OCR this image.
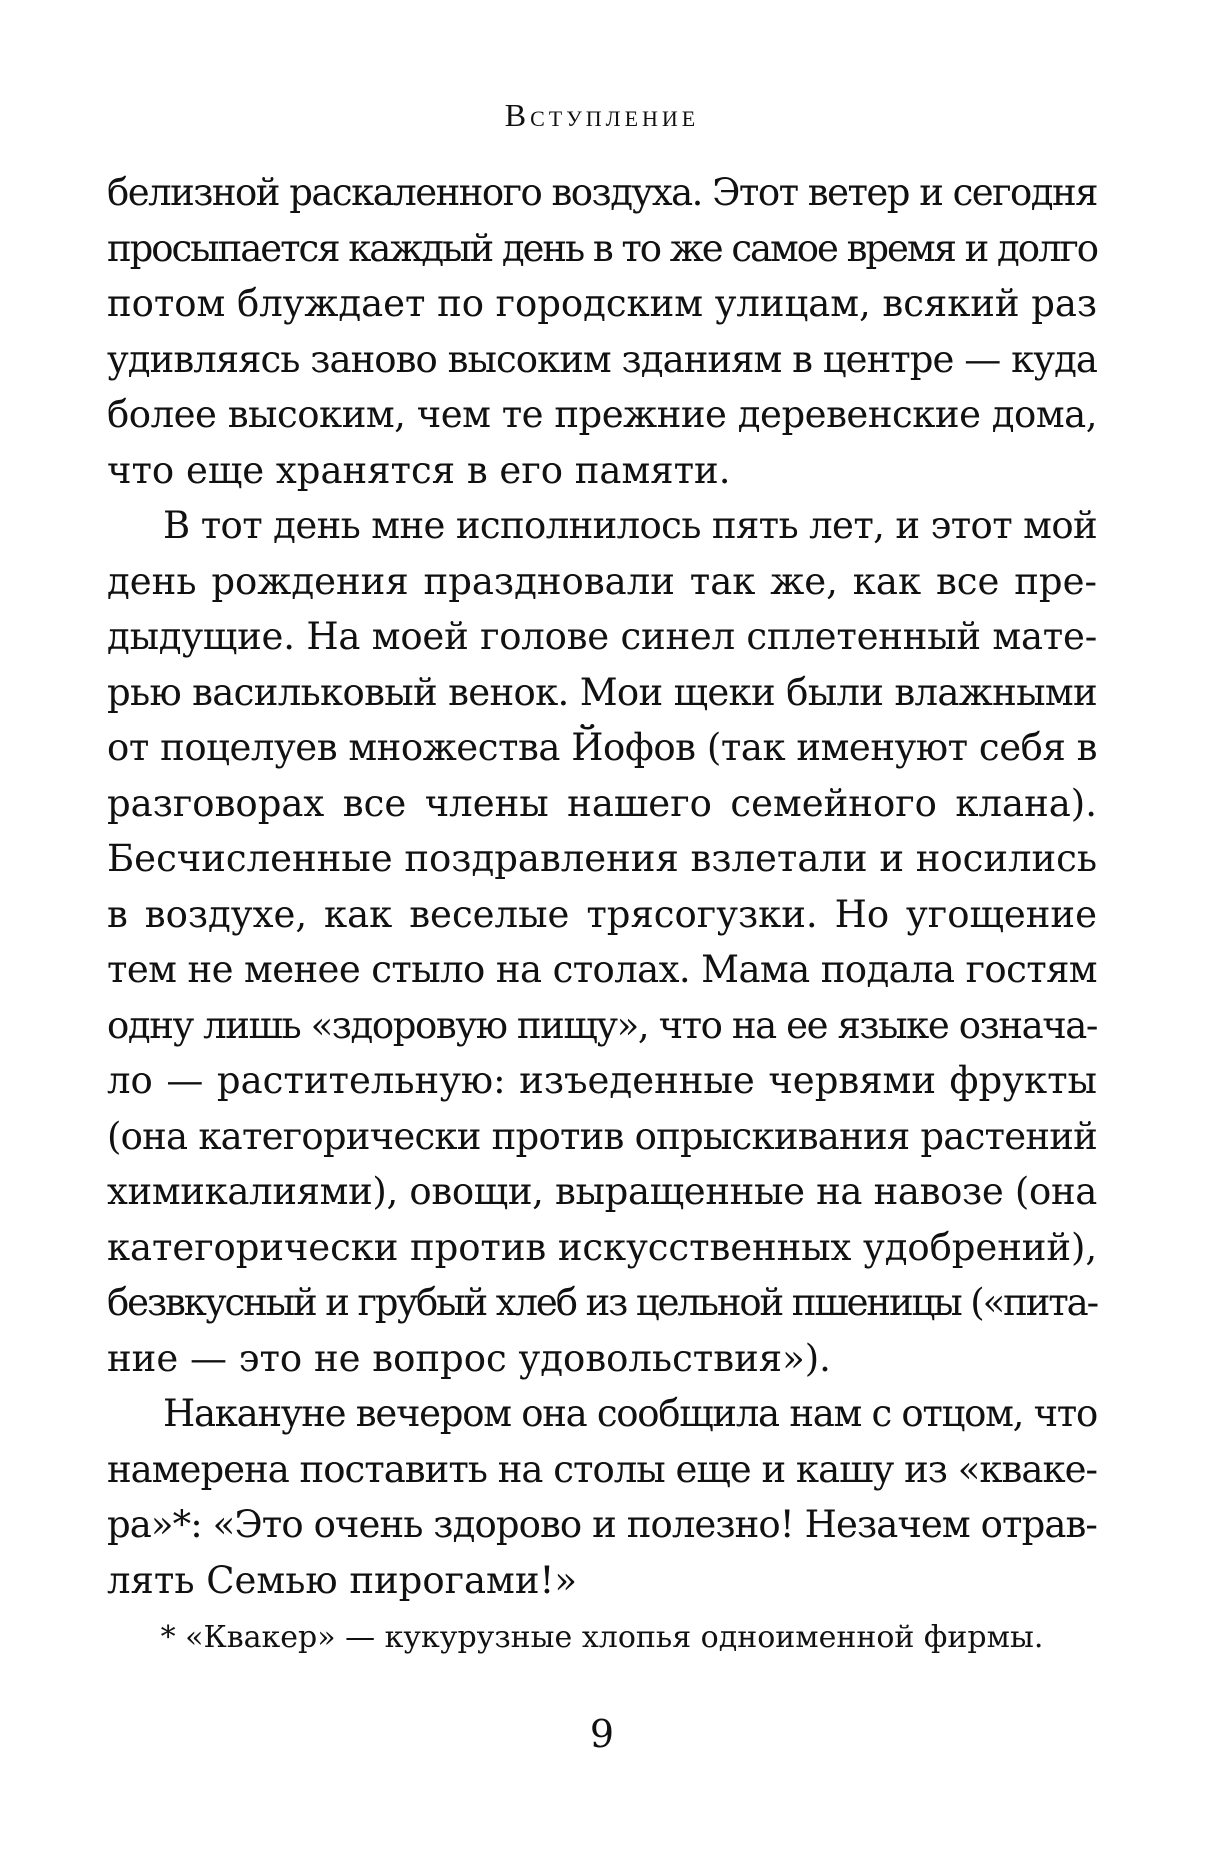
Вступление

белизной раскаленного воздуха. Этот ветер и сегодня
просыпается каждый день в то же самое время и долго
потом блуждает по городским улицам, всякий раз
удивляясь заново высоким зданиям в центре — куда
более высоким, чем те прежние деревенские дома,
что еще хранятся в его памяти.

В тот день мне исполнилось пять лет, и этот мой
день рождения праздновали так же, как все пре-
дыдущие. На моей голове синел сплетенный мате-
рью васильковый венок. Мои щеки были влажными
от поцелуев множества Йофов (так именуют себя в
разговорах все члены нашего семейного клана).
Бесчисленные поздравления взлетали и носились
в воздухе, как веселые трясогузки. Но угощение
тем не менее стыло на столах. Мама подала гостям
одну лишь «здоровую пищу», что на ее языке означа-
ло — растительную: изъеденные червями фрукты
(она категорически против опрыскивания растений
химикалиями), овощи, выращенные на навозе (она
категорически против искусственных удобрений),
безвкусный и грубый хлеб из цельной пшеницы («пита-
ние — это не вопрос удовольствия»).

Накануне вечером она сообщила нам с отцом, что
намерена поставить на столы еще и кашу из «кваке-
ра»*: «Это очень здорово и полезно! Незачем отрав-
лять Семью пирогами!»

* «Квакер» — кукурузные хлопья одноименной фирмы.
9
